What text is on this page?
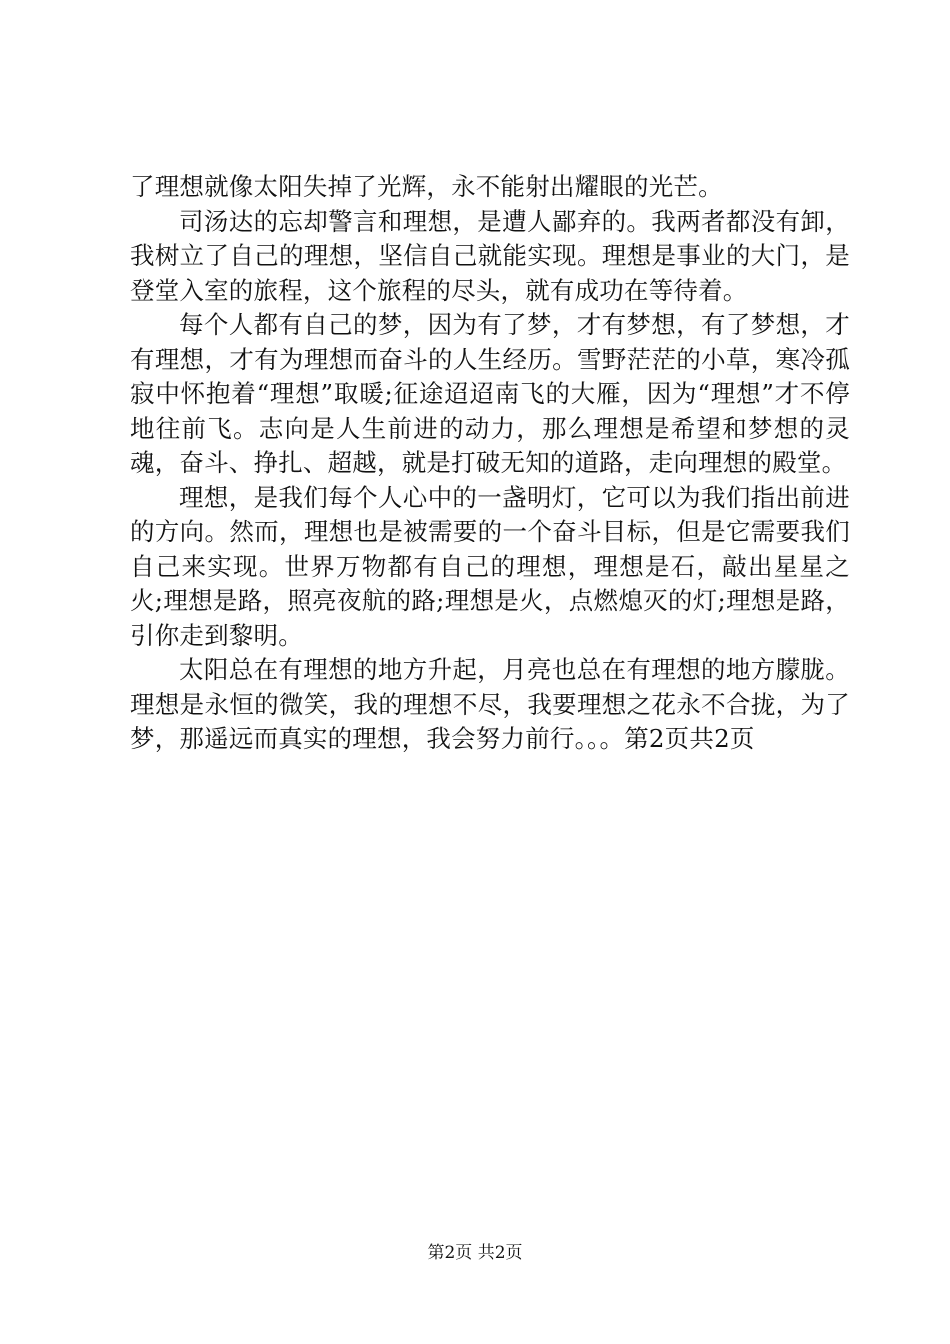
了理想就像太阳失掉了光辉，永不能射出耀眼的光芒。

司汤达的忘却警言和理想，是遭人鄙弃的。我两者都没有卸，我树立了自己的理想，坚信自己就能实现。理想是事业的大门，是登堂入室的旅程，这个旅程的尽头，就有成功在等待着。

每个人都有自己的梦，因为有了梦，才有梦想，有了梦想，才有理想，才有为理想而奋斗的人生经历。雪野茫茫的小草，寒冷孤寂中怀抱着“理想”取暖;征途迢迢南飞的大雁，因为“理想”才不停地往前飞。志向是人生前进的动力，那么理想是希望和梦想的灵魂，奋斗、挣扎、超越，就是打破无知的道路，走向理想的殿堂。

理想，是我们每个人心中的一盏明灯，它可以为我们指出前进的方向。然而，理想也是被需要的一个奋斗目标，但是它需要我们自己来实现。世界万物都有自己的理想，理想是石，敲出星星之火;理想是路，照亮夜航的路;理想是火，点燃熄灭的灯;理想是路，引你走到黎明。

太阳总在有理想的地方升起，月亮也总在有理想的地方朦胧。理想是永恒的微笑，我的理想不尽，我要理想之花永不合拢，为了梦，那遥远而真实的理想，我会努力前行。。。第2页共2页

第2页 共2页
